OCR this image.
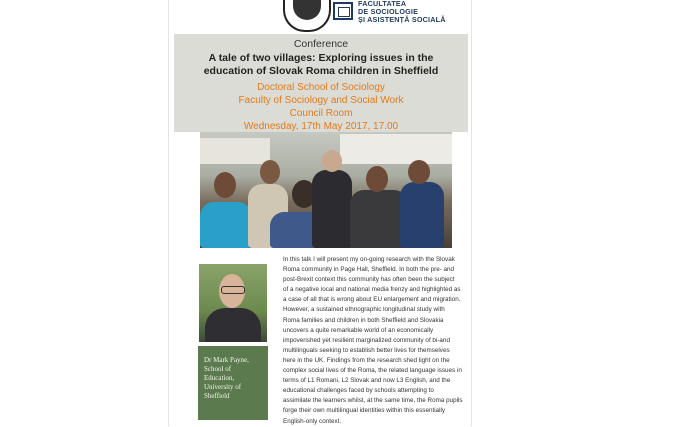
FACULTATEA
DE SOCIOLOGIE
ȘI ASISTENȚĂ SOCIALĂ
Conference
A tale of two villages: Exploring issues in the education of Slovak Roma children in Sheffield
Doctoral School of Sociology
Faculty of Sociology and Social Work
Council Room
Wednesday, 17th May 2017, 17.00
Dr Mark Payne,
School of
Education,
University of
Sheffield
In this talk I will present my on-going research with the Slovak
Roma community in Page Hall, Sheffield. In both the pre- and
post-Brexit context this community has often been the subject
of a negative local and national media frenzy and highlighted as
a case of all that is wrong about EU enlargement and migration.
However, a sustained ethnographic longitudinal study with
Roma families and children in both Sheffield and Slovakia
uncovers a quite remarkable world of an economically
impoverished yet resilient marginalized community of bi-and
multilinguals seeking to establish better lives for themselves
here in the UK. Findings from the research shed light on the
complex social lives of the Roma, the related language issues in
terms of L1 Romani, L2 Slovak and now L3 English, and the
educational challenges faced by schools attempting to
assimilate the learners whilst, at the same time, the Roma pupils
forge their own multilingual identities within this essentially
English-only context.
